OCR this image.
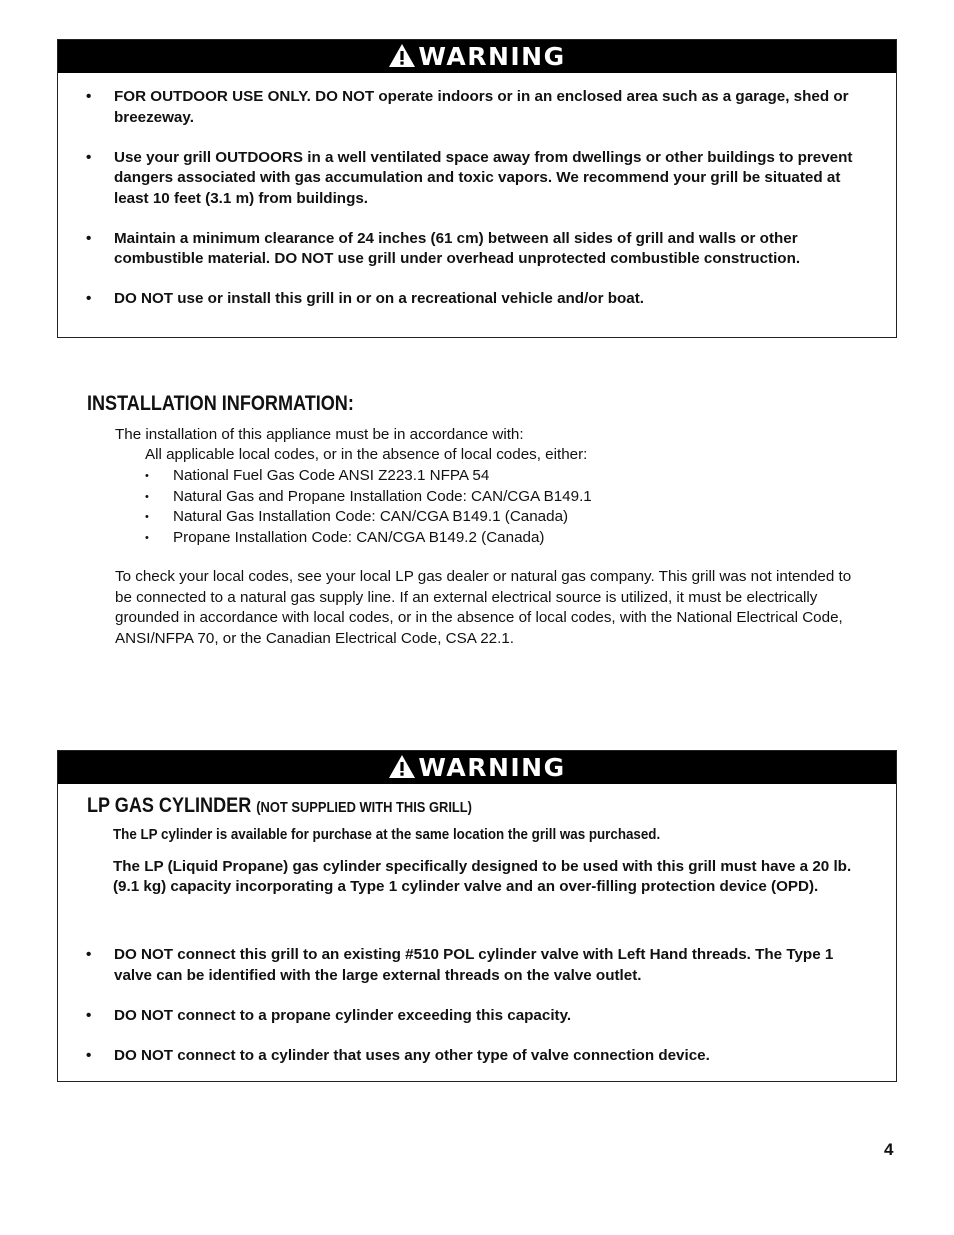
WARNING
• FOR OUTDOOR USE ONLY. DO NOT operate indoors or in an enclosed area such as a garage, shed or breezeway.
• Use your grill OUTDOORS in a well ventilated space away from dwellings or other buildings to prevent dangers associated with gas accumulation and toxic vapors. We recommend your grill be situated at least 10 feet (3.1 m) from buildings.
• Maintain a minimum clearance of 24 inches (61 cm) between all sides of grill and walls or other combustible material. DO NOT use grill under overhead unprotected combustible construction.
• DO NOT use or install this grill in or on a recreational vehicle and/or boat.
INSTALLATION INFORMATION:
The installation of this appliance must be in accordance with:
All applicable local codes, or in the absence of local codes, either:
• National Fuel Gas Code ANSI Z223.1 NFPA 54
• Natural Gas and Propane Installation Code: CAN/CGA B149.1
• Natural Gas Installation Code: CAN/CGA B149.1 (Canada)
• Propane Installation Code: CAN/CGA B149.2 (Canada)
To check your local codes, see your local LP gas dealer or natural gas company. This grill was not intended to be connected to a natural gas supply line. If an external electrical source is utilized, it must be electrically grounded in accordance with local codes, or in the absence of local codes, with the National Electrical Code, ANSI/NFPA 70, or the Canadian Electrical Code, CSA 22.1.
WARNING
• DO NOT connect this grill to an existing #510 POL cylinder valve with Left Hand threads. The Type 1 valve can be identified with the large external threads on the valve outlet.
• DO NOT connect to a propane cylinder exceeding this capacity.
• DO NOT connect to a cylinder that uses any other type of valve connection device.
LP GAS CYLINDER (NOT SUPPLIED WITH THIS GRILL)
The LP cylinder is available for purchase at the same location the grill was purchased.
The LP (Liquid Propane) gas cylinder specifically designed to be used with this grill must have a 20 lb. (9.1 kg) capacity incorporating a Type 1 cylinder valve and an over-filling protection device (OPD).
4
